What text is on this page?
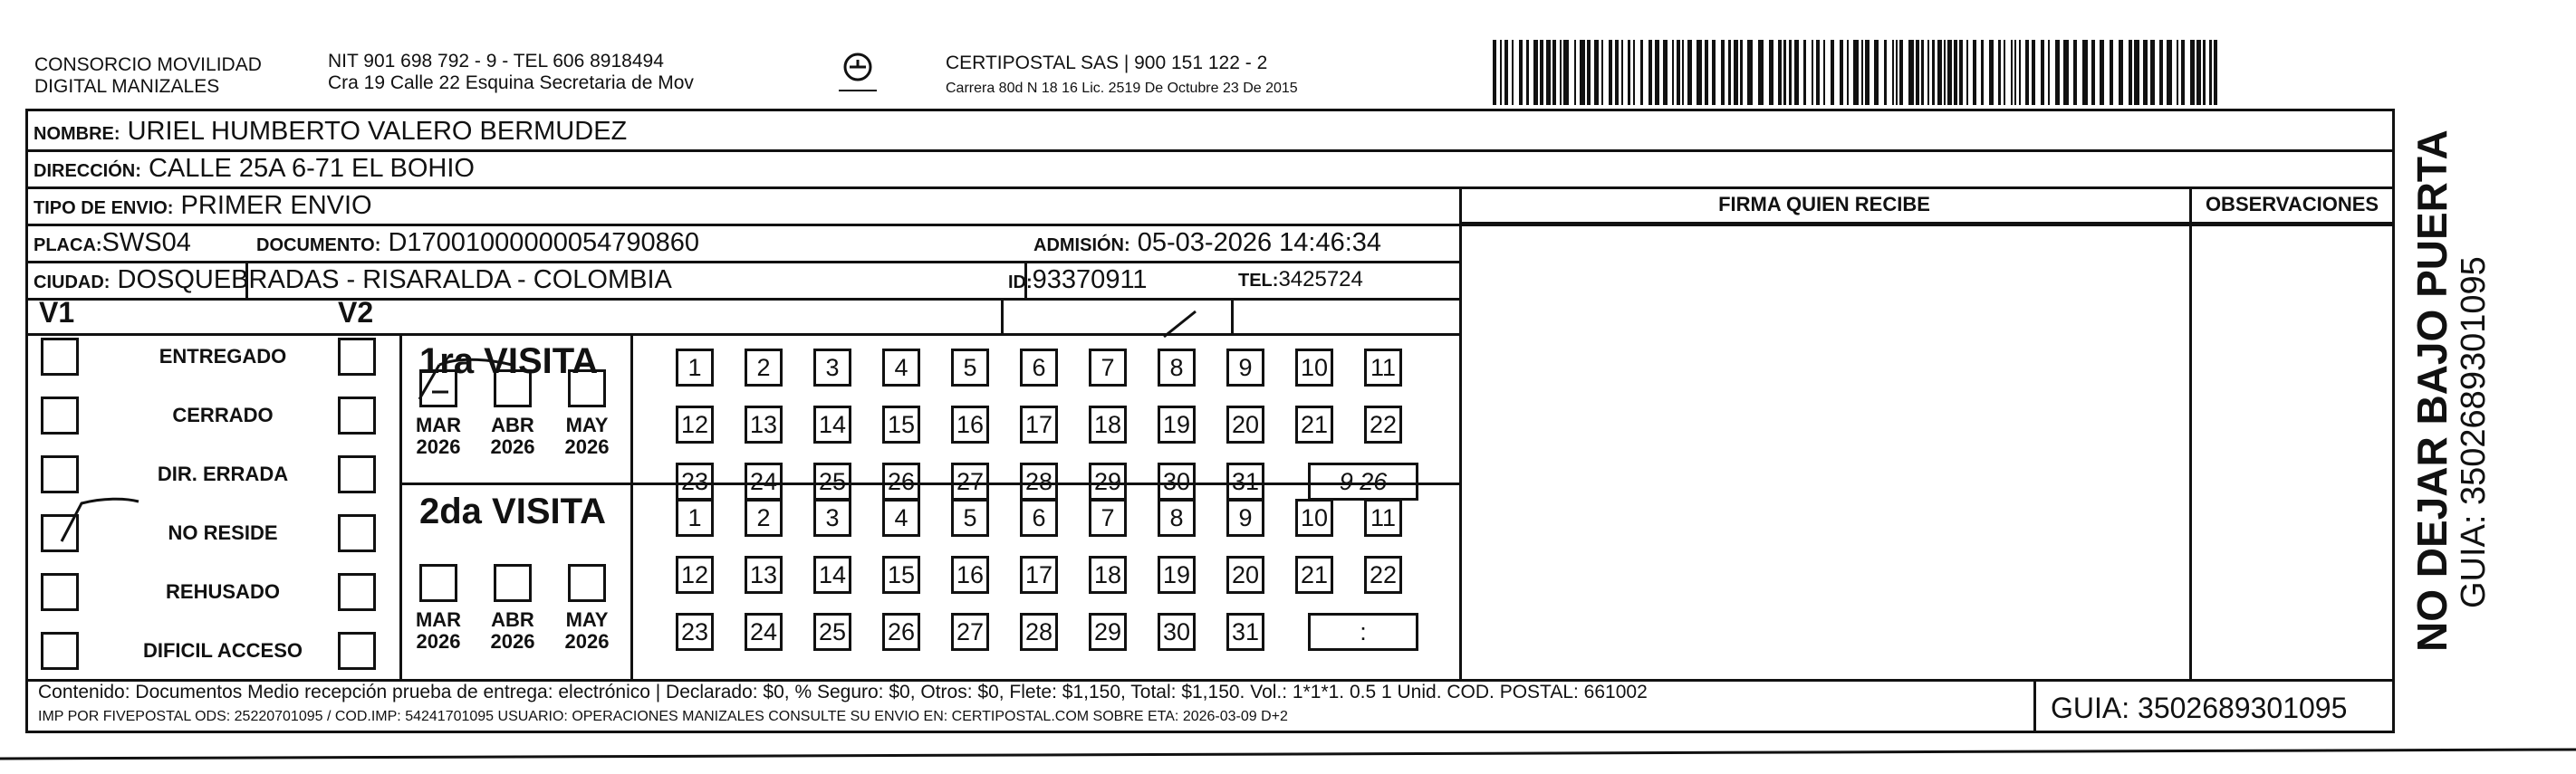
CONSORCIO MOVILIDAD
DIGITAL MANIZALES
NIT 901 698 792 - 9 - TEL 606 8918494
Cra 19 Calle 22 Esquina Secretaria de Mov
CERTIPOSTAL SAS | 900 151 122 - 2
Carrera 80d N 18 16 Lic. 2519 De Octubre 23 De 2015
NOMBRE: URIEL HUMBERTO VALERO BERMUDEZ
DIRECCIÓN: CALLE 25A 6-71 EL BOHIO
TIPO DE ENVIO: PRIMER ENVIO
PLACA:SWS04	DOCUMENTO: D17001000000054790860	ADMISIÓN: 05-03-2026 14:46:34
CIUDAD: DOSQUEBRADAS - RISARALDA - COLOMBIA	ID:93370911	TEL:3425724
FIRMA QUIEN RECIBE	OBSERVACIONES
V1	V2
ENTREGADO
CERRADO
DIR. ERRADA
NO RESIDE
REHUSADO
DIFICIL ACCESO
1ra VISITA
2da VISITA
MAR
2026
ABR
2026
MAY
2026
MAR
2026
ABR
2026
MAY
2026
1	2	3	4	5	6	7	8	9	10 11
12 13 14 15 16 17 18 19 20 21 22
23 24 25 26 27 28 29 30 31	9 26
1	2	3	4	5	6	7	8	9	10 11
12 13 14 15 16 17 18 19 20 21 22
23 24 25 26 27 28 29 30 31	:
Contenido: Documentos Medio recepción prueba de entrega: electrónico | Declarado: $0, % Seguro: $0, Otros: $0, Flete: $1,150, Total: $1,150. Vol.: 1*1*1. 0.5 1 Unid. COD. POSTAL: 661002
IMP POR FIVEPOSTAL ODS: 25220701095 / COD.IMP: 54241701095 USUARIO: OPERACIONES MANIZALES CONSULTE SU ENVIO EN: CERTIPOSTAL.COM SOBRE ETA: 2026-03-09 D+2	GUIA: 3502689301095
NO DEJAR BAJO PUERTA GUIA: 3502689301095
